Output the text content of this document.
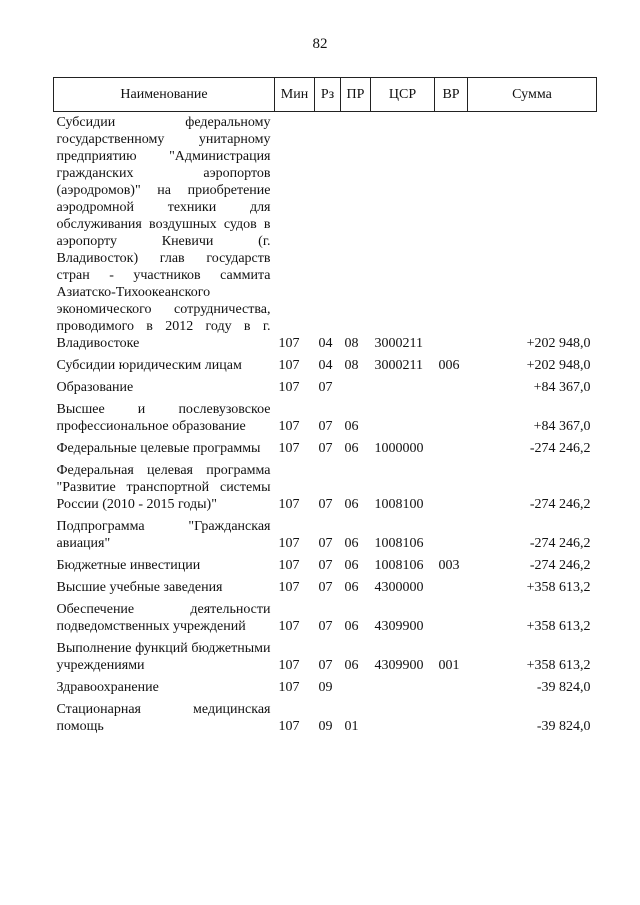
82
Наименование	Мин	Рз	ПР	ЦСР	ВР	Сумма
Субсидии федеральному государственному унитарному предприятию "Администрация гражданских аэропортов (аэродромов)" на приобретение аэродромной техники для обслуживания воздушных судов в аэропорту Кневичи (г. Владивосток) глав государств стран - участников саммита Азиатско-Тихоокеанского экономического сотрудничества, проводимого в 2012 году в г. Владивостоке	107	04	08	3000211		+202 948,0
Субсидии юридическим лицам	107	04	08	3000211	006	+202 948,0
Образование	107	07				+84 367,0
Высшее и послевузовское профессиональное образование	107	07	06			+84 367,0
Федеральные целевые программы	107	07	06	1000000		-274 246,2
Федеральная целевая программа "Развитие транспортной системы России (2010 - 2015 годы)"	107	07	06	1008100		-274 246,2
Подпрограмма "Гражданская авиация"	107	07	06	1008106		-274 246,2
Бюджетные инвестиции	107	07	06	1008106	003	-274 246,2
Высшие учебные заведения	107	07	06	4300000		+358 613,2
Обеспечение деятельности подведомственных учреждений	107	07	06	4309900		+358 613,2
Выполнение функций бюджетными учреждениями	107	07	06	4309900	001	+358 613,2
Здравоохранение	107	09				-39 824,0
Стационарная медицинская помощь	107	09	01			-39 824,0
